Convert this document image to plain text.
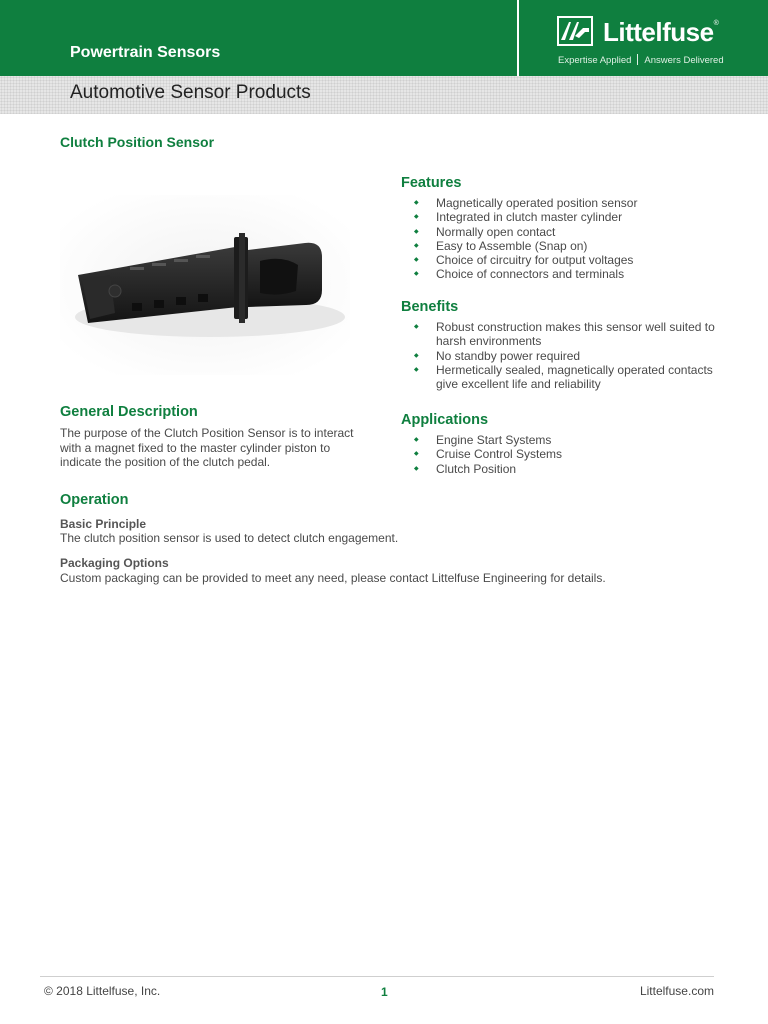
Powertrain Sensors
Littelfuse®
Expertise Applied Answers Delivered
Automotive Sensor Products
Clutch Position Sensor
Features
◆ Magnetically operated position sensor
◆ Integrated in clutch master cylinder
◆ Normally open contact
◆ Easy to Assemble (Snap on)
◆ Choice of circuitry for output voltages
◆ Choice of connectors and terminals
Benefits
◆ Robust construction makes this sensor well suited to harsh environments
◆ No standby power required
◆ Hermetically sealed, magnetically operated contacts give excellent life and reliability
General Description
The purpose of the Clutch Position Sensor is to interact with a magnet fixed to the master cylinder piston to indicate the position of the clutch pedal.
Applications
◆ Engine Start Systems
◆ Cruise Control Systems
◆ Clutch Position
Operation
Basic Principle
The clutch position sensor is used to detect clutch engagement.
Packaging Options
Custom packaging can be provided to meet any need, please contact Littelfuse Engineering for details.
© 2018 Littelfuse, Inc.	1	Littelfuse.com
